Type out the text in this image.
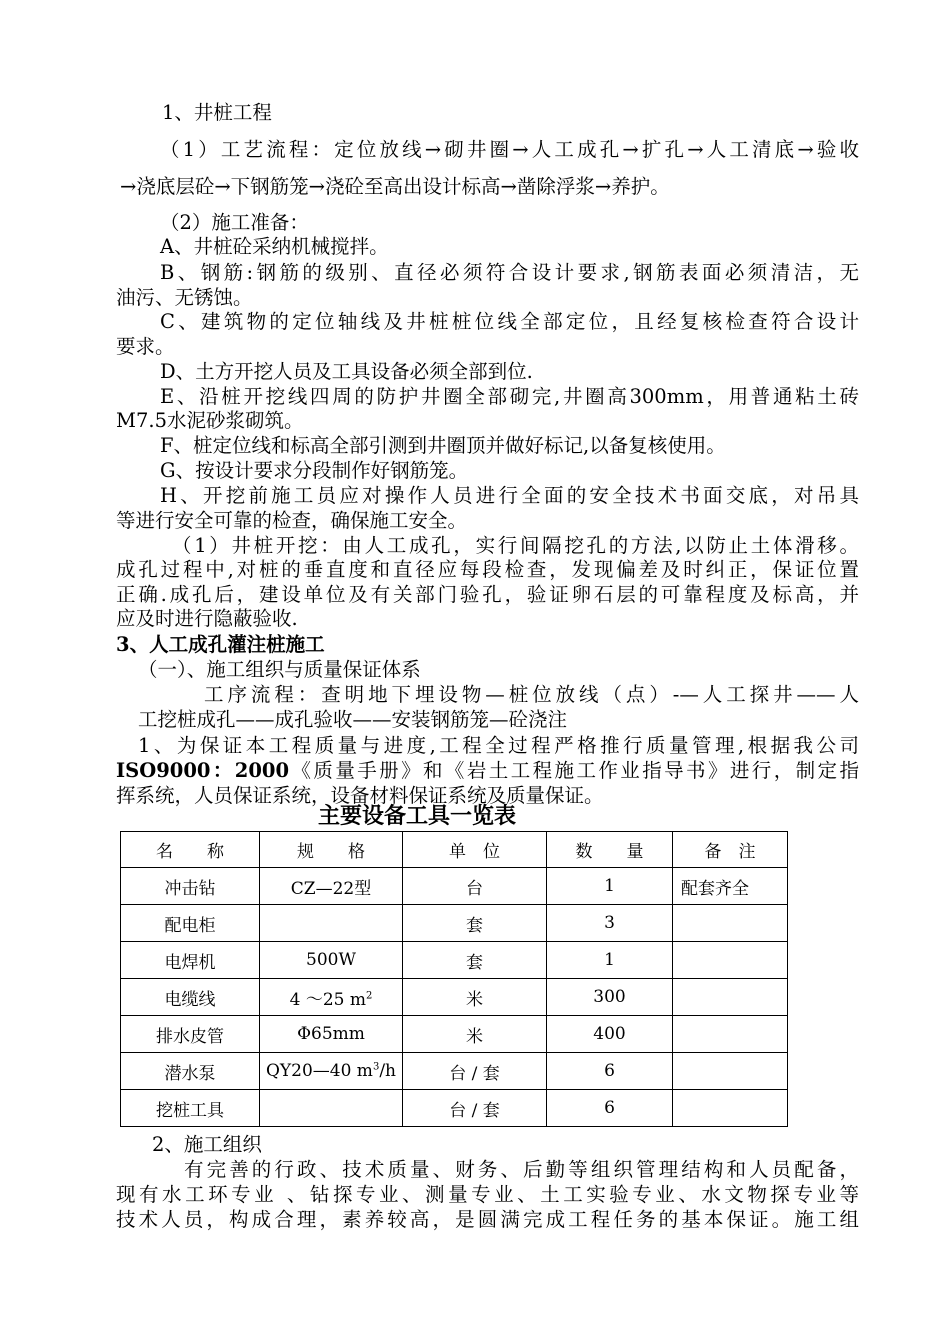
1、井桩工程
（1）工艺流程：定位放线→砌井圈→人工成孔→扩孔→人工清底→验收
→浇底层砼→下钢筋笼→浇砼至高出设计标高→凿除浮浆→养护。
（2）施工准备：
A、井桩砼采纳机械搅拌。
B、钢筋:钢筋的级别、直径必须符合设计要求,钢筋表面必须清洁，无
油污、无锈蚀。
C、建筑物的定位轴线及井桩桩位线全部定位，且经复核检查符合设计
要求。
D、土方开挖人员及工具设备必须全部到位.
E、沿桩开挖线四周的防护井圈全部砌完,井圈高300mm，用普通粘土砖
M7.5水泥砂浆砌筑。
F、桩定位线和标高全部引测到井圈顶并做好标记,以备复核使用。
G、按设计要求分段制作好钢筋笼。
H、开挖前施工员应对操作人员进行全面的安全技术书面交底，对吊具
等进行安全可靠的检查，确保施工安全。
（1）井桩开挖：由人工成孔，实行间隔挖孔的方法,以防止土体滑移。
成孔过程中,对桩的垂直度和直径应每段检查，发现偏差及时纠正，保证位置
正确.成孔后，建设单位及有关部门验孔，验证卵石层的可靠程度及标高，并
应及时进行隐蔽验收.
3、人工成孔灌注桩施工
（一）、施工组织与质量保证体系
工序流程：查明地下埋设物—桩位放线（点）-—人工探井——人
工挖桩成孔——成孔验收——安装钢筋笼—砼浇注
1、为保证本工程质量与进度,工程全过程严格推行质量管理,根据我公司
ISO9000：2000《质量手册》和《岩土工程施工作业指导书》进行，制定指
挥系统，人员保证系统，设备材料保证系统及质量保证。
主要设备工具一览表
名　　称	规　　格	单　位	数　　量	备　注
冲击钻	CZ—22型	台	1	配套齐全
配电柜		套	3	
电焊机	500W	套	1	
电缆线	4 ～25 $m^2$	米	300	
排水皮管	Φ65mm	米	400	
潜水泵	QY20—40 $m^3/h$	台 / 套	6	
挖桩工具		台 / 套	6	
2、施工组织
有完善的行政、技术质量、财务、后勤等组织管理结构和人员配备，
现有水工环专业 、钻探专业、测量专业、土工实验专业、水文物探专业等
技术人员，构成合理，素养较高，是圆满完成工程任务的基本保证。施工组
